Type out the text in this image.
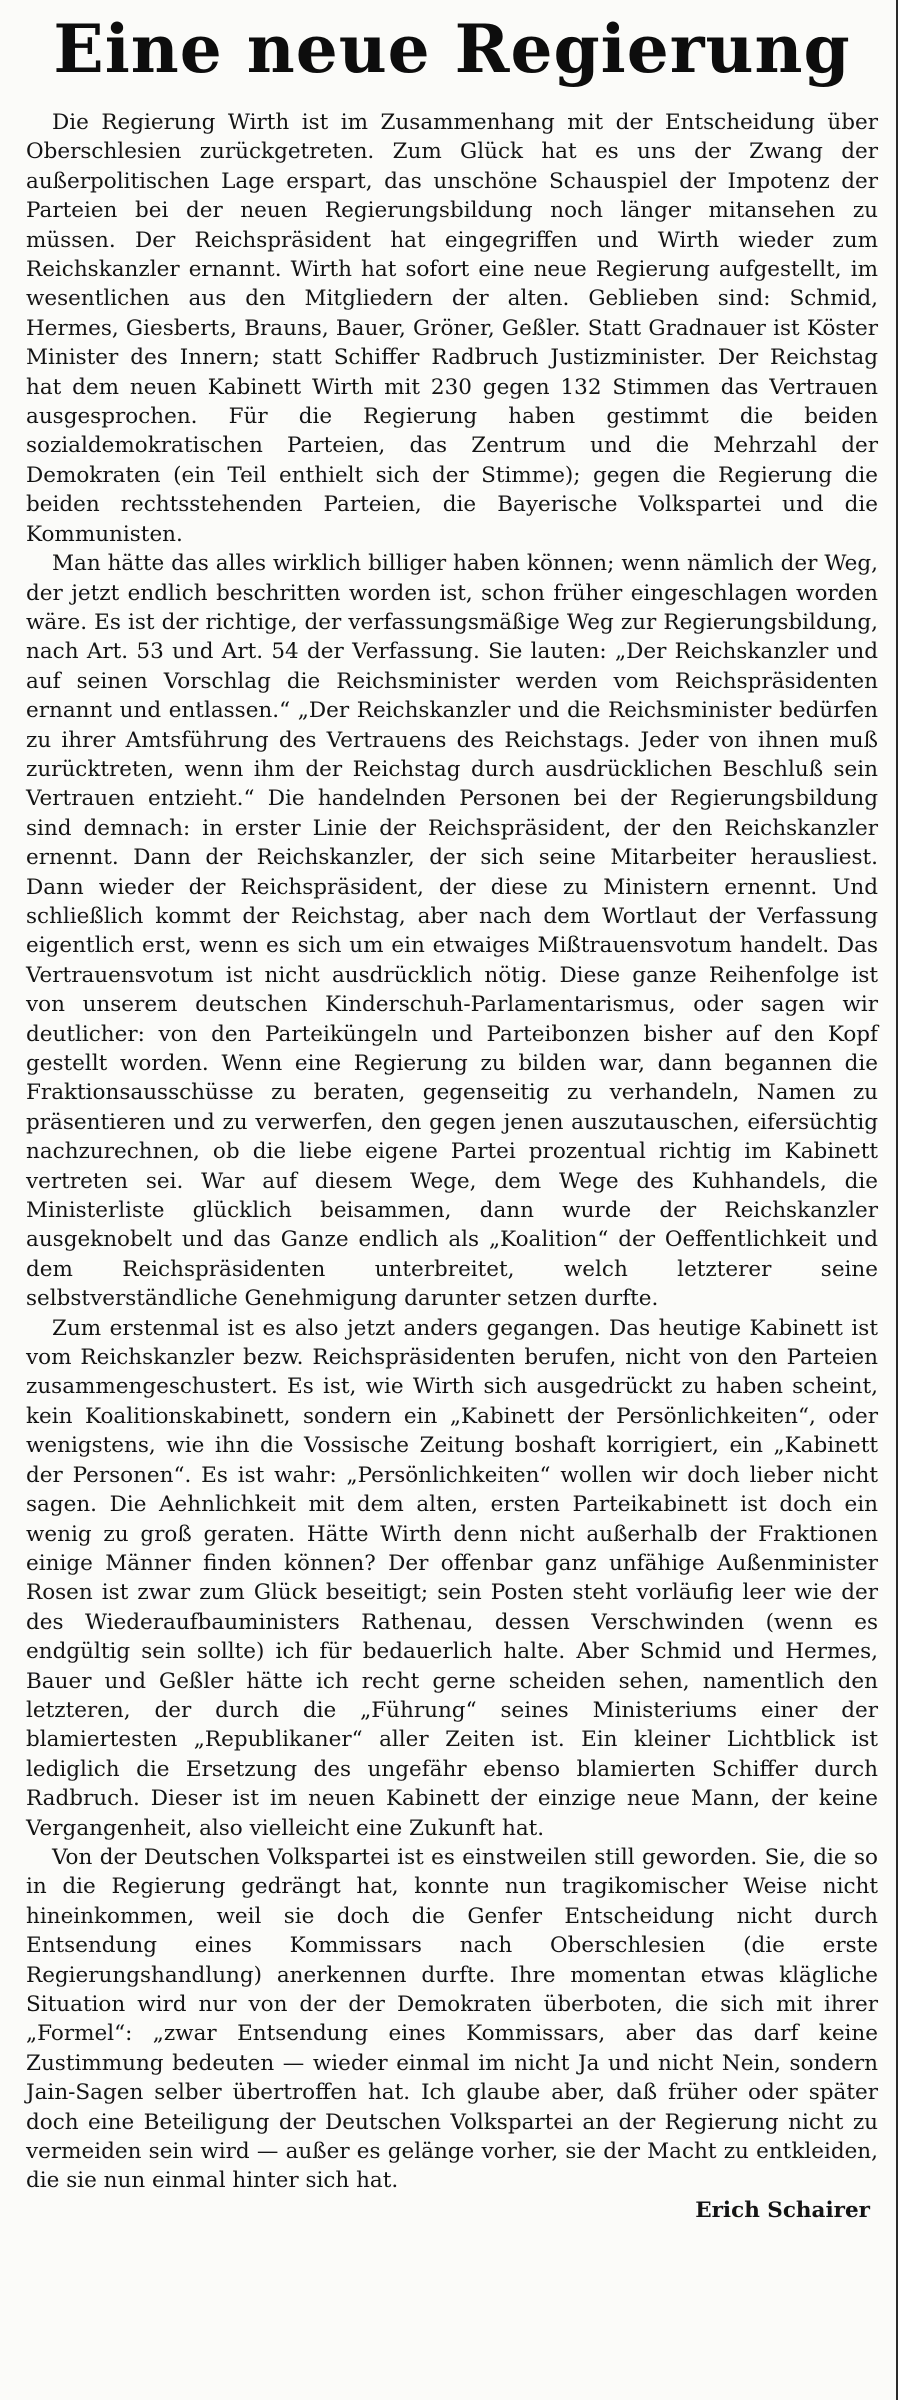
Eine neue Regierung

Die Regierung Wirth ist im Zusammenhang mit der Entscheidung über Oberschlesien zurückgetreten. Zum Glück hat es uns der Zwang der außerpolitischen Lage erspart, das unschöne Schauspiel der Impotenz der Parteien bei der neuen Regierungsbildung noch länger mitansehen zu müssen. Der Reichspräsident hat eingegriffen und Wirth wieder zum Reichskanzler ernannt. Wirth hat sofort eine neue Regierung aufgestellt, im wesentlichen aus den Mitgliedern der alten. Geblieben sind: Schmid, Hermes, Giesberts, Brauns, Bauer, Gröner, Geßler. Statt Gradnauer ist Köster Minister des Innern; statt Schiffer Radbruch Justizminister. Der Reichstag hat dem neuen Kabinett Wirth mit 230 gegen 132 Stimmen das Vertrauen ausgesprochen. Für die Regierung haben gestimmt die beiden sozialdemokratischen Parteien, das Zentrum und die Mehrzahl der Demokraten (ein Teil enthielt sich der Stimme); gegen die Regierung die beiden rechtsstehenden Parteien, die Bayerische Volkspartei und die Kommunisten.

Man hätte das alles wirklich billiger haben können; wenn nämlich der Weg, der jetzt endlich beschritten worden ist, schon früher eingeschlagen worden wäre. Es ist der richtige, der verfassungsmäßige Weg zur Regierungsbildung, nach Art. 53 und Art. 54 der Verfassung. Sie lauten: „Der Reichskanzler und auf seinen Vorschlag die Reichsminister werden vom Reichspräsidenten ernannt und entlassen.“ „Der Reichskanzler und die Reichsminister bedürfen zu ihrer Amtsführung des Vertrauens des Reichstags. Jeder von ihnen muß zurücktreten, wenn ihm der Reichstag durch ausdrücklichen Beschluß sein Vertrauen entzieht.“ Die handelnden Personen bei der Regierungsbildung sind demnach: in erster Linie der Reichspräsident, der den Reichskanzler ernennt. Dann der Reichskanzler, der sich seine Mitarbeiter herausliest. Dann wieder der Reichspräsident, der diese zu Ministern ernennt. Und schließlich kommt der Reichstag, aber nach dem Wortlaut der Verfassung eigentlich erst, wenn es sich um ein etwaiges Mißtrauensvotum handelt. Das Vertrauensvotum ist nicht ausdrücklich nötig. Diese ganze Reihenfolge ist von unserem deutschen Kinderschuh-Parlamentarismus, oder sagen wir deutlicher: von den Parteiküngeln und Parteibonzen bisher auf den Kopf gestellt worden. Wenn eine Regierung zu bilden war, dann begannen die Fraktionsausschüsse zu beraten, gegenseitig zu verhandeln, Namen zu präsentieren und zu verwerfen, den gegen jenen auszutauschen, eifersüchtig nachzurechnen, ob die liebe eigene Partei prozentual richtig im Kabinett vertreten sei. War auf diesem Wege, dem Wege des Kuhhandels, die Ministerliste glücklich beisammen, dann wurde der Reichskanzler ausgeknobelt und das Ganze endlich als „Koalition“ der Oeffentlichkeit und dem Reichspräsidenten unterbreitet, welch letzterer seine selbstverständliche Genehmigung darunter setzen durfte.

Zum erstenmal ist es also jetzt anders gegangen. Das heutige Kabinett ist vom Reichskanzler bezw. Reichspräsidenten berufen, nicht von den Parteien zusammengeschustert. Es ist, wie Wirth sich ausgedrückt zu haben scheint, kein Koalitionskabinett, sondern ein „Kabinett der Persönlichkeiten“, oder wenigstens, wie ihn die Vossische Zeitung boshaft korrigiert, ein „Kabinett der Personen“. Es ist wahr: „Persönlichkeiten“ wollen wir doch lieber nicht sagen. Die Aehnlichkeit mit dem alten, ersten Parteikabinett ist doch ein wenig zu groß geraten. Hätte Wirth denn nicht außerhalb der Fraktionen einige Männer finden können? Der offenbar ganz unfähige Außenminister Rosen ist zwar zum Glück beseitigt; sein Posten steht vorläufig leer wie der des Wiederaufbauministers Rathenau, dessen Verschwinden (wenn es endgültig sein sollte) ich für bedauerlich halte. Aber Schmid und Hermes, Bauer und Geßler hätte ich recht gerne scheiden sehen, namentlich den letzteren, der durch die „Führung“ seines Ministeriums einer der blamiertesten „Republikaner“ aller Zeiten ist. Ein kleiner Lichtblick ist lediglich die Ersetzung des ungefähr ebenso blamierten Schiffer durch Radbruch. Dieser ist im neuen Kabinett der einzige neue Mann, der keine Vergangenheit, also vielleicht eine Zukunft hat.

Von der Deutschen Volkspartei ist es einstweilen still geworden. Sie, die so in die Regierung gedrängt hat, konnte nun tragikomischer Weise nicht hineinkommen, weil sie doch die Genfer Entscheidung nicht durch Entsendung eines Kommissars nach Oberschlesien (die erste Regierungshandlung) anerkennen durfte. Ihre momentan etwas klägliche Situation wird nur von der der Demokraten überboten, die sich mit ihrer „Formel“: „zwar Entsendung eines Kommissars, aber das darf keine Zustimmung bedeuten — wieder einmal im nicht Ja und nicht Nein, sondern Jain-Sagen selber übertroffen hat. Ich glaube aber, daß früher oder später doch eine Beteiligung der Deutschen Volkspartei an der Regierung nicht zu vermeiden sein wird — außer es gelänge vorher, sie der Macht zu entkleiden, die sie nun einmal hinter sich hat.

Erich Schairer
